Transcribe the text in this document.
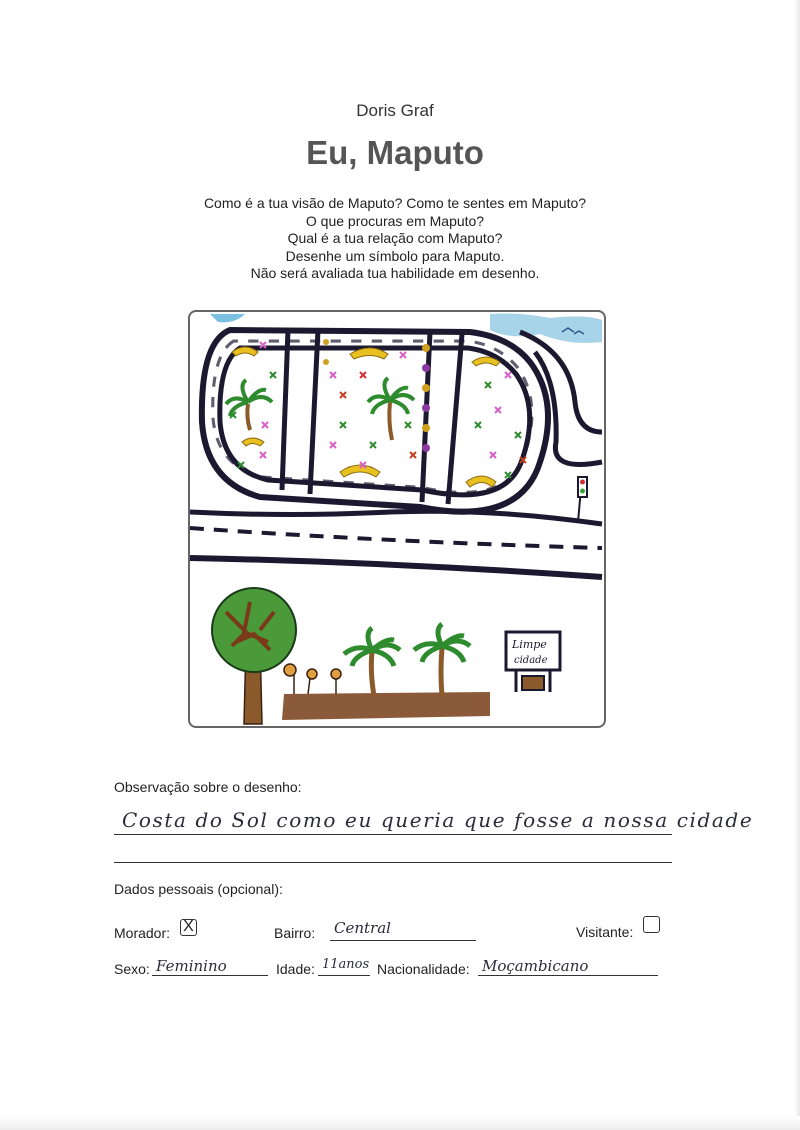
Doris Graf
Eu, Maputo
Como é a tua visão de Maputo? Como te sentes em Maputo?
O que procuras em Maputo?
Qual é a tua relação com Maputo?
Desenhe um símbolo para Maputo.
Não será avaliada tua habilidade em desenho.
Limpe
cidade
Observação sobre o desenho:
Costa do Sol como eu queria que fosse a nossa cidade
Dados pessoais (opcional):
Morador: X	Bairro: Central	Visitante:
Sexo: Feminino	Idade: 11anos Nacionalidade: Moçambicano
